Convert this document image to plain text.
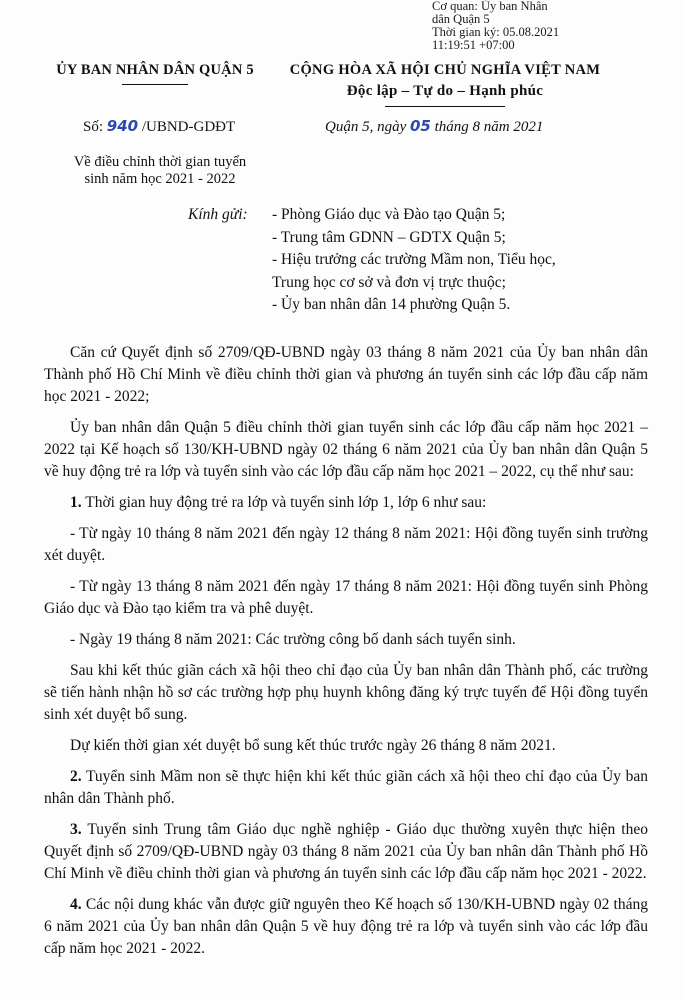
Cơ quan: Ủy ban Nhân
dân Quận 5
Thời gian ký: 05.08.2021
11:19:51 +07:00
ỦY BAN NHÂN DÂN QUẬN 5	CỘNG HÒA XÃ HỘI CHỦ NGHĨA VIỆT NAM
Độc lập – Tự do – Hạnh phúc
Số: 940 /UBND-GDĐT	Quận 5, ngày 05 tháng 8 năm 2021
Về điều chỉnh thời gian tuyển
sinh năm học 2021 - 2022
Kính gửi: - Phòng Giáo dục và Đào tạo Quận 5;
- Trung tâm GDNN – GDTX Quận 5;
- Hiệu trưởng các trường Mầm non, Tiểu học,
Trung học cơ sở và đơn vị trực thuộc;
- Ủy ban nhân dân 14 phường Quận 5.

Căn cứ Quyết định số 2709/QĐ-UBND ngày 03 tháng 8 năm 2021 của Ủy ban nhân dân Thành phố Hồ Chí Minh về điều chỉnh thời gian và phương án tuyển sinh các lớp đầu cấp năm học 2021 - 2022;

Ủy ban nhân dân Quận 5 điều chỉnh thời gian tuyển sinh các lớp đầu cấp năm học 2021 – 2022 tại Kế hoạch số 130/KH-UBND ngày 02 tháng 6 năm 2021 của Ủy ban nhân dân Quận 5 về huy động trẻ ra lớp và tuyển sinh vào các lớp đầu cấp năm học 2021 – 2022, cụ thể như sau:

1. Thời gian huy động trẻ ra lớp và tuyển sinh lớp 1, lớp 6 như sau:

- Từ ngày 10 tháng 8 năm 2021 đến ngày 12 tháng 8 năm 2021: Hội đồng tuyển sinh trường xét duyệt.

- Từ ngày 13 tháng 8 năm 2021 đến ngày 17 tháng 8 năm 2021: Hội đồng tuyển sinh Phòng Giáo dục và Đào tạo kiểm tra và phê duyệt.

- Ngày 19 tháng 8 năm 2021: Các trường công bố danh sách tuyển sinh.

Sau khi kết thúc giãn cách xã hội theo chỉ đạo của Ủy ban nhân dân Thành phố, các trường sẽ tiến hành nhận hồ sơ các trường hợp phụ huynh không đăng ký trực tuyến để Hội đồng tuyển sinh xét duyệt bổ sung.

Dự kiến thời gian xét duyệt bổ sung kết thúc trước ngày 26 tháng 8 năm 2021.

2. Tuyển sinh Mầm non sẽ thực hiện khi kết thúc giãn cách xã hội theo chỉ đạo của Ủy ban nhân dân Thành phố.

3. Tuyển sinh Trung tâm Giáo dục nghề nghiệp - Giáo dục thường xuyên thực hiện theo Quyết định số 2709/QĐ-UBND ngày 03 tháng 8 năm 2021 của Ủy ban nhân dân Thành phố Hồ Chí Minh về điều chỉnh thời gian và phương án tuyển sinh các lớp đầu cấp năm học 2021 - 2022.

4. Các nội dung khác vẫn được giữ nguyên theo Kế hoạch số 130/KH-UBND ngày 02 tháng 6 năm 2021 của Ủy ban nhân dân Quận 5 về huy động trẻ ra lớp và tuyển sinh vào các lớp đầu cấp năm học 2021 - 2022.
